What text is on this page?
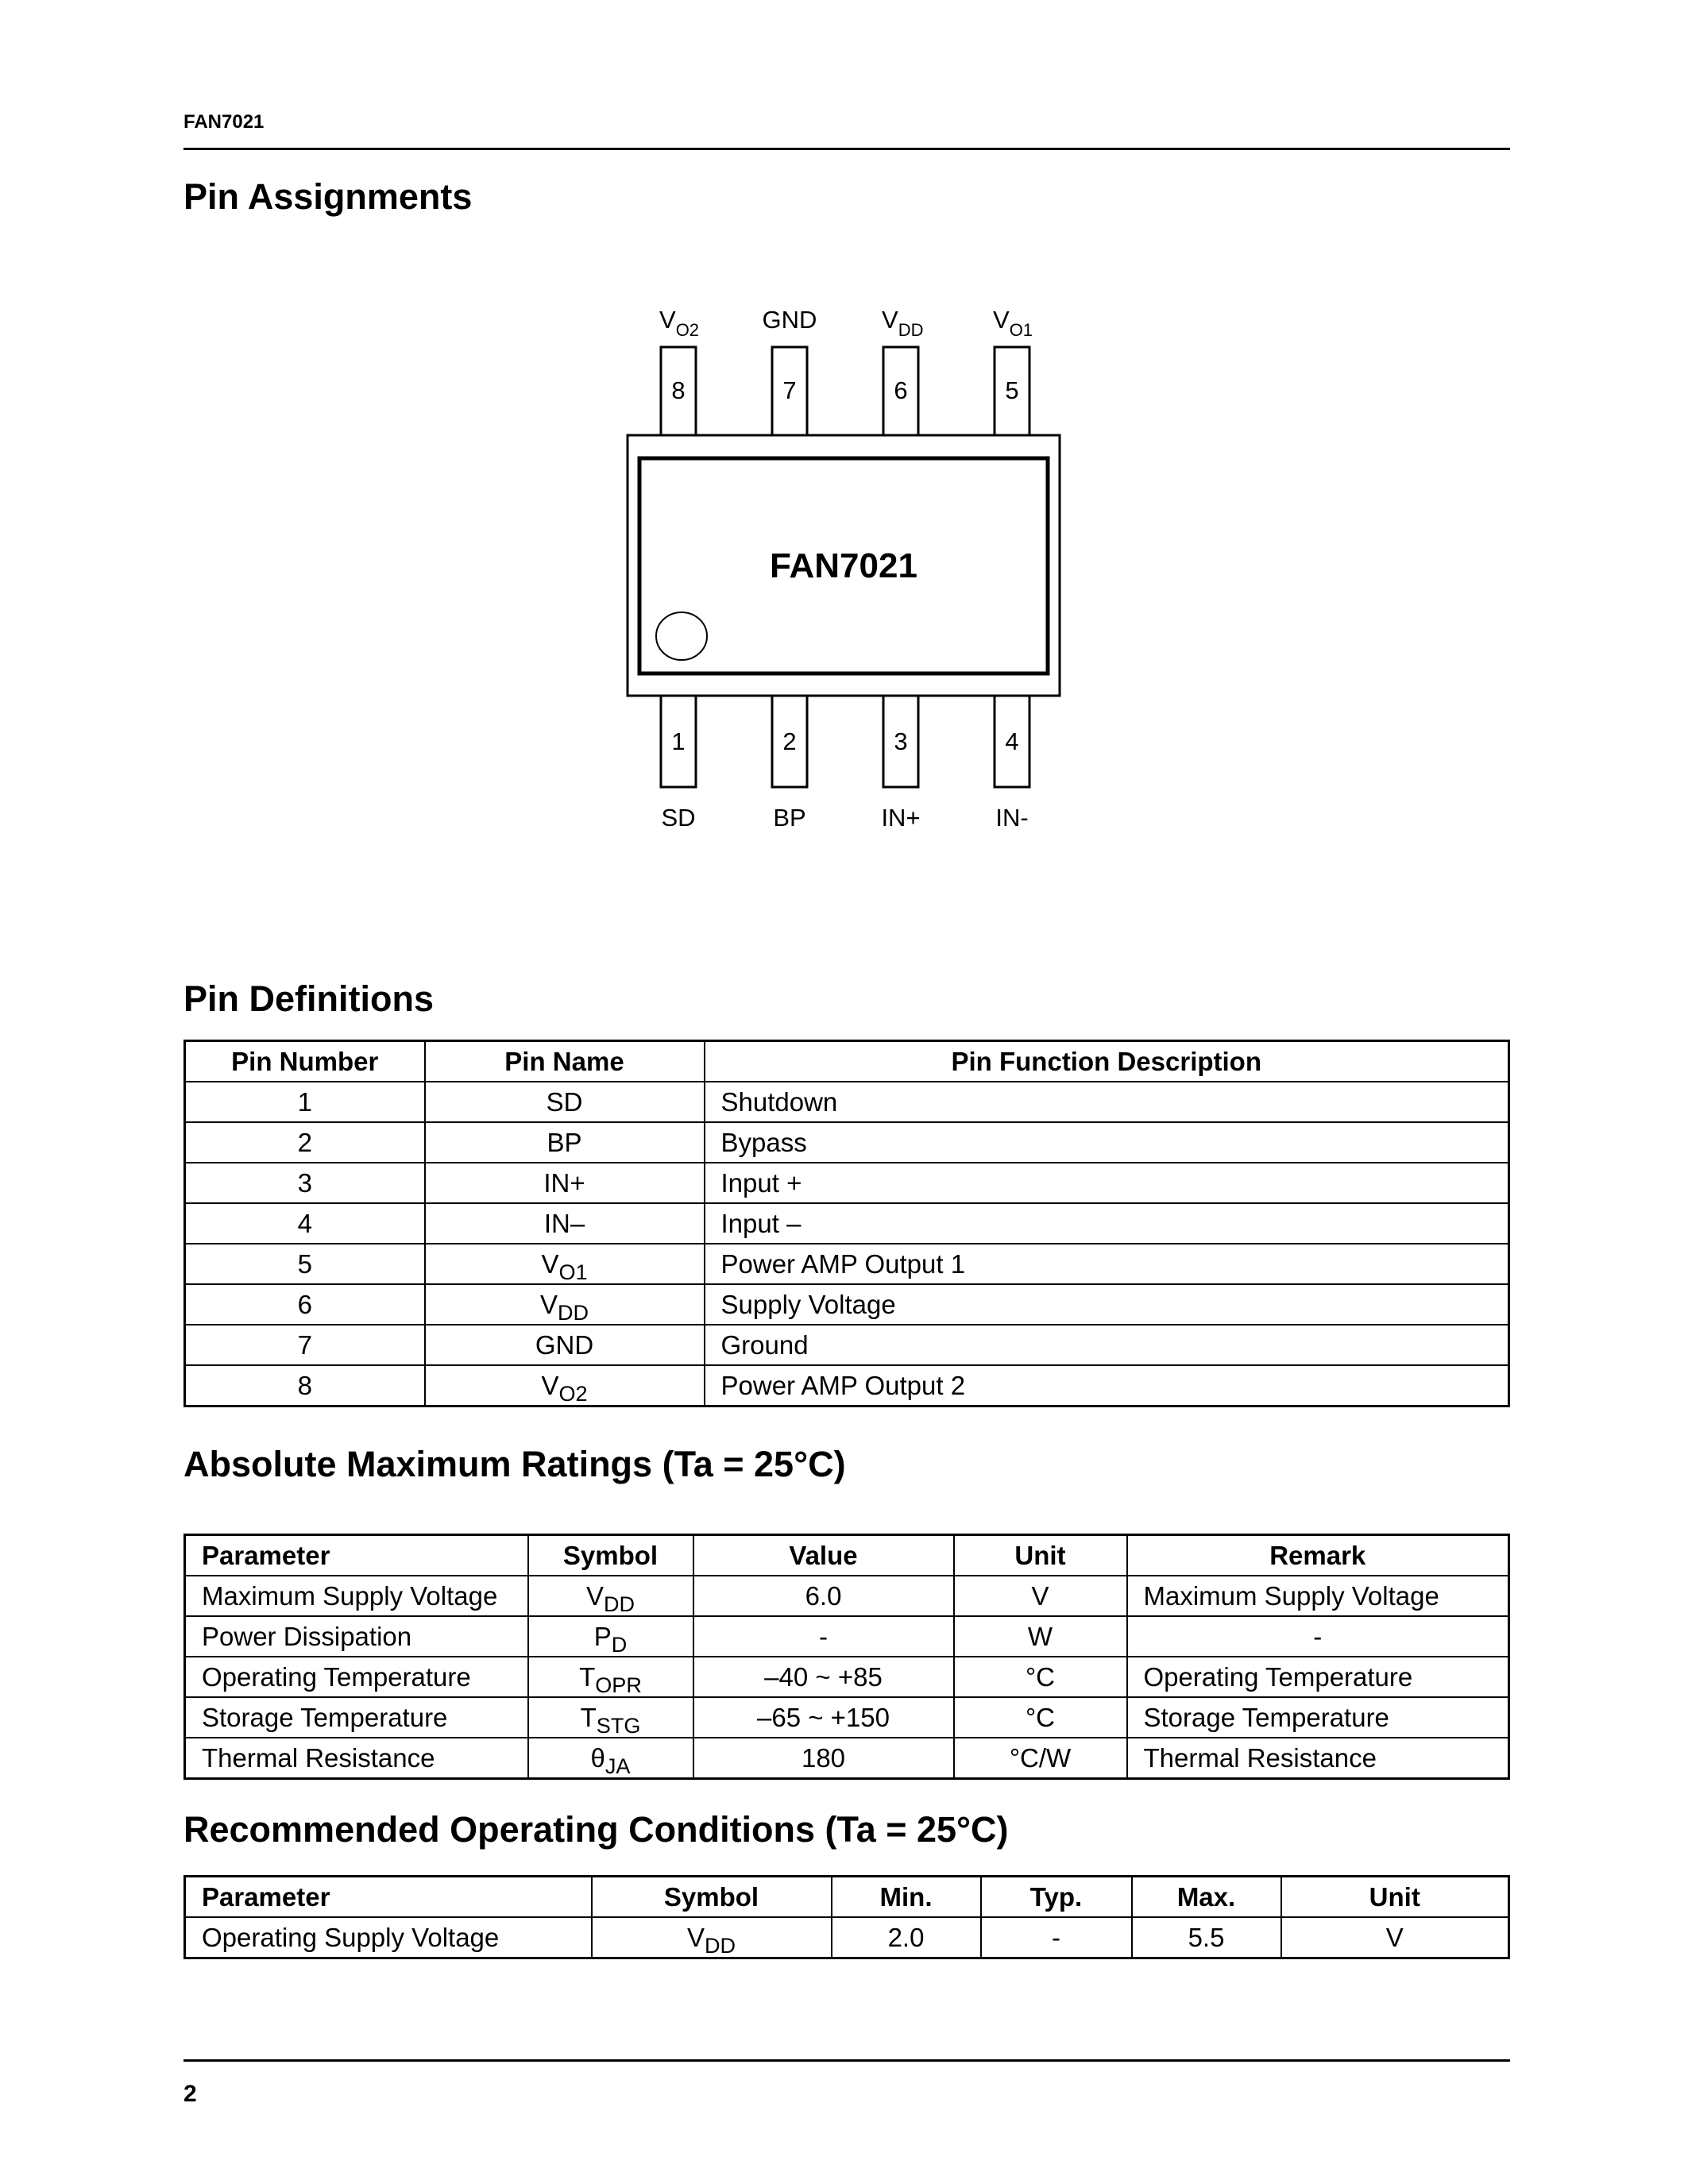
FAN7021
Pin Assignments
FAN7021
8	7	6	5
$V_{O2}$	GND	$V_{DD}$	$V_{O1}$
1	2	3	4
SD	BP	IN+	IN-
Pin Definitions
Pin Number	Pin Name	Pin Function Description
1	SD	Shutdown
2	BP	Bypass
3	IN+	Input +
4	IN–	Input –
5	$V_{O1}$	Power AMP Output 1
6	$V_{DD}$	Supply Voltage
7	GND	Ground
8	$V_{O2}$	Power AMP Output 2
Absolute Maximum Ratings (Ta = 25°C)
Parameter	Symbol	Value	Unit	Remark
Maximum Supply Voltage	$V_{DD}$	6.0	V	Maximum Supply Voltage
Power Dissipation	$P_D$	-	W	-
Operating Temperature	$T_{OPR}$	–40 ~ +85	°C	Operating Temperature
Storage Temperature	$T_{STG}$	–65 ~ +150	°C	Storage Temperature
Thermal Resistance	$\theta_{JA}$	180	°C/W	Thermal Resistance
Recommended Operating Conditions (Ta = 25°C)
Parameter	Symbol	Min.	Typ.	Max.	Unit
Operating Supply Voltage	$V_{DD}$	2.0	-	5.5	V
2
